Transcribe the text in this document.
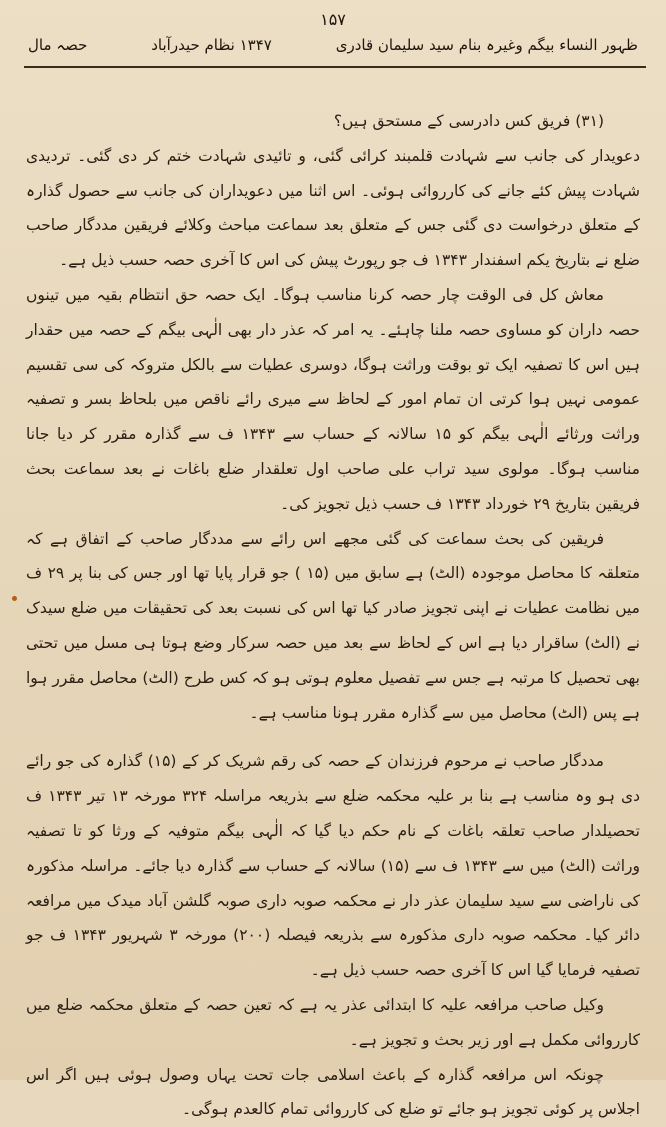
ظہور النساء بیگم وغیرہ بنام سید سلیمان قادری
۱۳۴۷ نظام حیدرآباد
۱۵۷
حصہ مال

(۳۱) فریق کس دادرسی کے مستحق ہیں؟

دعویدار کی جانب سے شہادت قلمبند کرائی گئی، و تائیدی شہادت ختم کر دی گئی۔ تردیدی شہادت پیش کئے جانے کی کارروائی ہوئی۔ اس اثنا میں دعویداران کی جانب سے حصول گذارہ کے متعلق درخواست دی گئی جس کے متعلق بعد سماعت مباحث وکلائے فریقین مددگار صاحب ضلع نے بتاریخ یکم اسفندار ۱۳۴۳ ف جو رپورٹ پیش کی اس کا آخری حصہ حسب ذیل ہے۔

معاش کل فی الوقت چار حصہ کرنا مناسب ہوگا۔ ایک حصہ حق انتظام بقیہ میں تینوں حصہ داران کو مساوی حصہ ملنا چاہئے۔ یہ امر کہ عذر دار بھی الٰہی بیگم کے حصہ میں حقدار ہیں اس کا تصفیہ ایک تو بوقت وراثت ہوگا، دوسری عطیات سے بالکل متروکہ کی سی تقسیم عمومی نہیں ہوا کرتی ان تمام امور کے لحاظ سے میری رائے ناقص میں بلحاظ بسر و تصفیہ وراثت ورثائے الٰہی بیگم کو ۱۵ سالانہ کے حساب سے ۱۳۴۳ ف سے گذارہ مقرر کر دیا جانا مناسب ہوگا۔ مولوی سید تراب علی صاحب اول تعلقدار ضلع باغات نے بعد سماعت بحث فریقین بتاریخ ۲۹ خورداد ۱۳۴۳ ف حسب ذیل تجویز کی۔

فریقین کی بحث سماعت کی گئی مجھے اس رائے سے مددگار صاحب کے اتفاق ہے کہ متعلقہ کا محاصل موجودہ (الٹ) ہے سابق میں (۱۵ ) جو قرار پایا تھا اور جس کی بنا پر ۲۹ ف میں نظامت عطیات نے اپنی تجویز صادر کیا تھا اس کی نسبت بعد کی تحقیقات میں ضلع سیدک نے (الٹ) ساقرار دیا ہے اس کے لحاظ سے بعد میں حصہ سرکار وضع ہوتا ہی مسل میں تحتی بھی تحصیل کا مرتبہ ہے جس سے تفصیل معلوم ہوتی ہو کہ کس طرح (الٹ) محاصل مقرر ہوا ہے پس (الٹ) محاصل میں سے گذارہ مقرر ہونا مناسب ہے۔

مددگار صاحب نے مرحوم فرزندان کے حصہ کی رقم شریک کر کے (۱۵) گذارہ کی جو رائے دی ہو وہ مناسب ہے بنا بر علیہ محکمہ ضلع سے بذریعہ مراسلہ ۳۲۴ مورخہ ۱۳ تیر ۱۳۴۳ ف تحصیلدار صاحب تعلقہ باغات کے نام حکم دیا گیا کہ الٰہی بیگم متوفیہ کے ورثا کو تا تصفیہ وراثت (الٹ) میں سے ۱۳۴۳ ف سے (۱۵) سالانہ کے حساب سے گذارہ دیا جائے۔ مراسلہ مذکورہ کی ناراضی سے سید سلیمان عذر دار نے محکمہ صوبہ داری صوبہ گلشن آباد میدک میں مرافعہ دائر کیا۔ محکمہ صوبہ داری مذکورہ سے بذریعہ فیصلہ (۲۰۰) مورخہ ۳ شہریور ۱۳۴۳ ف جو تصفیہ فرمایا گیا اس کا آخری حصہ حسب ذیل ہے۔

وکیل صاحب مرافعہ علیہ کا ابتدائی عذر یہ ہے کہ تعین حصہ کے متعلق محکمہ ضلع میں کارروائی مکمل ہے اور زیر بحث و تجویز ہے۔

چونکہ اس مرافعہ گذارہ کے باعث اسلامی جات تحت یہاں وصول ہوئی ہیں اگر اس اجلاس پر کوئی تجویز ہو جائے تو ضلع کی کارروائی تمام کالعدم ہوگی۔
